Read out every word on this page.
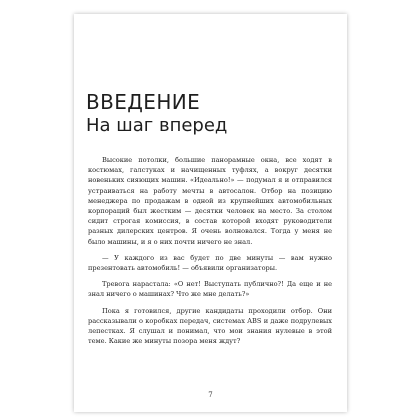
ВВЕДЕНИЕ
На шаг вперед

Высокие потолки, большие панорамные окна, все ходят в костюмах, галстуках и начищенных туфлях, а вокруг десятки новеньких сияющих машин. «Идеально!» — подумал я и отправился устраиваться на работу мечты в автосалон. Отбор на позицию менеджера по продажам в одной из крупнейших автомобильных корпораций был жестким — десятки человек на место. За столом сидит строгая комиссия, в состав которой входят руководители разных дилерских центров. Я очень волновался. Тогда у меня не было машины, и я о них почти ничего не знал.

— У каждого из вас будет по две минуты — вам нужно презентовать автомобиль! — объявили организаторы.

Тревога нарастала: «О нет! Выступать публично?! Да еще и не знал ничего о машинах? Что же мне делать?»

Пока я готовился, другие кандидаты проходили отбор. Они рассказывали о коробках передач, системах ABS и даже подрулевых лепестках. Я слушал и понимал, что мои знания нулевые в этой теме. Какие же минуты позора меня ждут?

7
